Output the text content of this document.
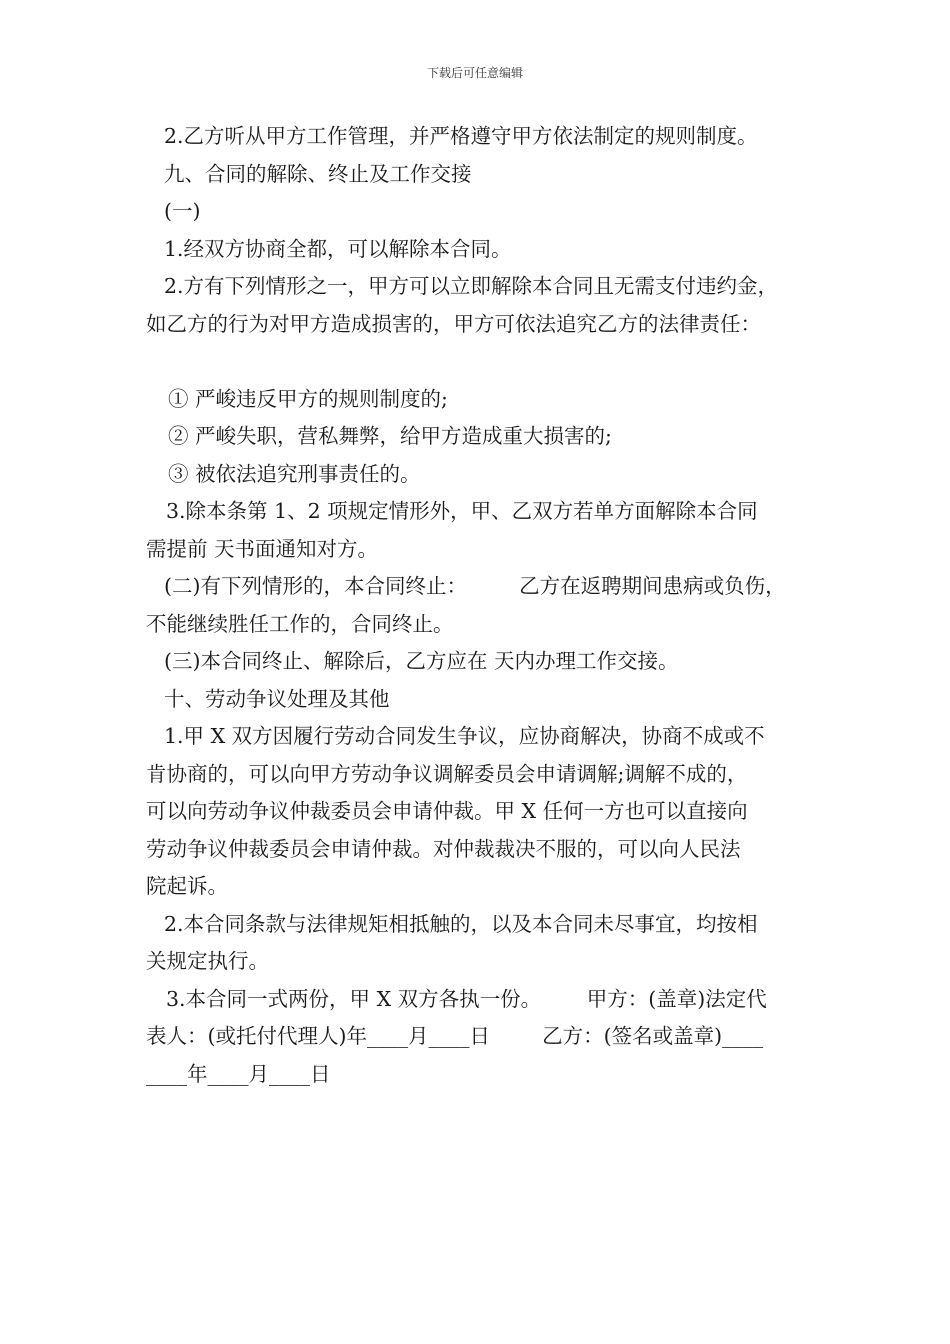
下载后可任意编辑
2.乙方听从甲方工作管理，并严格遵守甲方依法制定的规则制度。
九、合同的解除、终止及工作交接
(一)
1.经双方协商全都，可以解除本合同。
2.方有下列情形之一，甲方可以立即解除本合同且无需支付违约金，
如乙方的行为对甲方造成损害的，甲方可依法追究乙方的法律责任：
① 严峻违反甲方的规则制度的;
② 严峻失职，营私舞弊，给甲方造成重大损害的;
③ 被依法追究刑事责任的。
3.除本条第 1、2 项规定情形外，甲、乙双方若单方面解除本合同
需提前 天书面通知对方。
(二)有下列情形的，本合同终止：        乙方在返聘期间患病或负伤，
不能继续胜任工作的，合同终止。
(三)本合同终止、解除后，乙方应在 天内办理工作交接。
十、劳动争议处理及其他
1.甲 X 双方因履行劳动合同发生争议，应协商解决，协商不成或不
肯协商的，可以向甲方劳动争议调解委员会申请调解;调解不成的，
可以向劳动争议仲裁委员会申请仲裁。甲 X 任何一方也可以直接向
劳动争议仲裁委员会申请仲裁。对仲裁裁决不服的，可以向人民法
院起诉。
2.本合同条款与法律规矩相抵触的，以及本合同未尽事宜，均按相
关规定执行。
3.本合同一式两份，甲 X 双方各执一份。       甲方：(盖章)法定代
表人：(或托付代理人)年____月____日        乙方：(签名或盖章)____
____年____月____日
